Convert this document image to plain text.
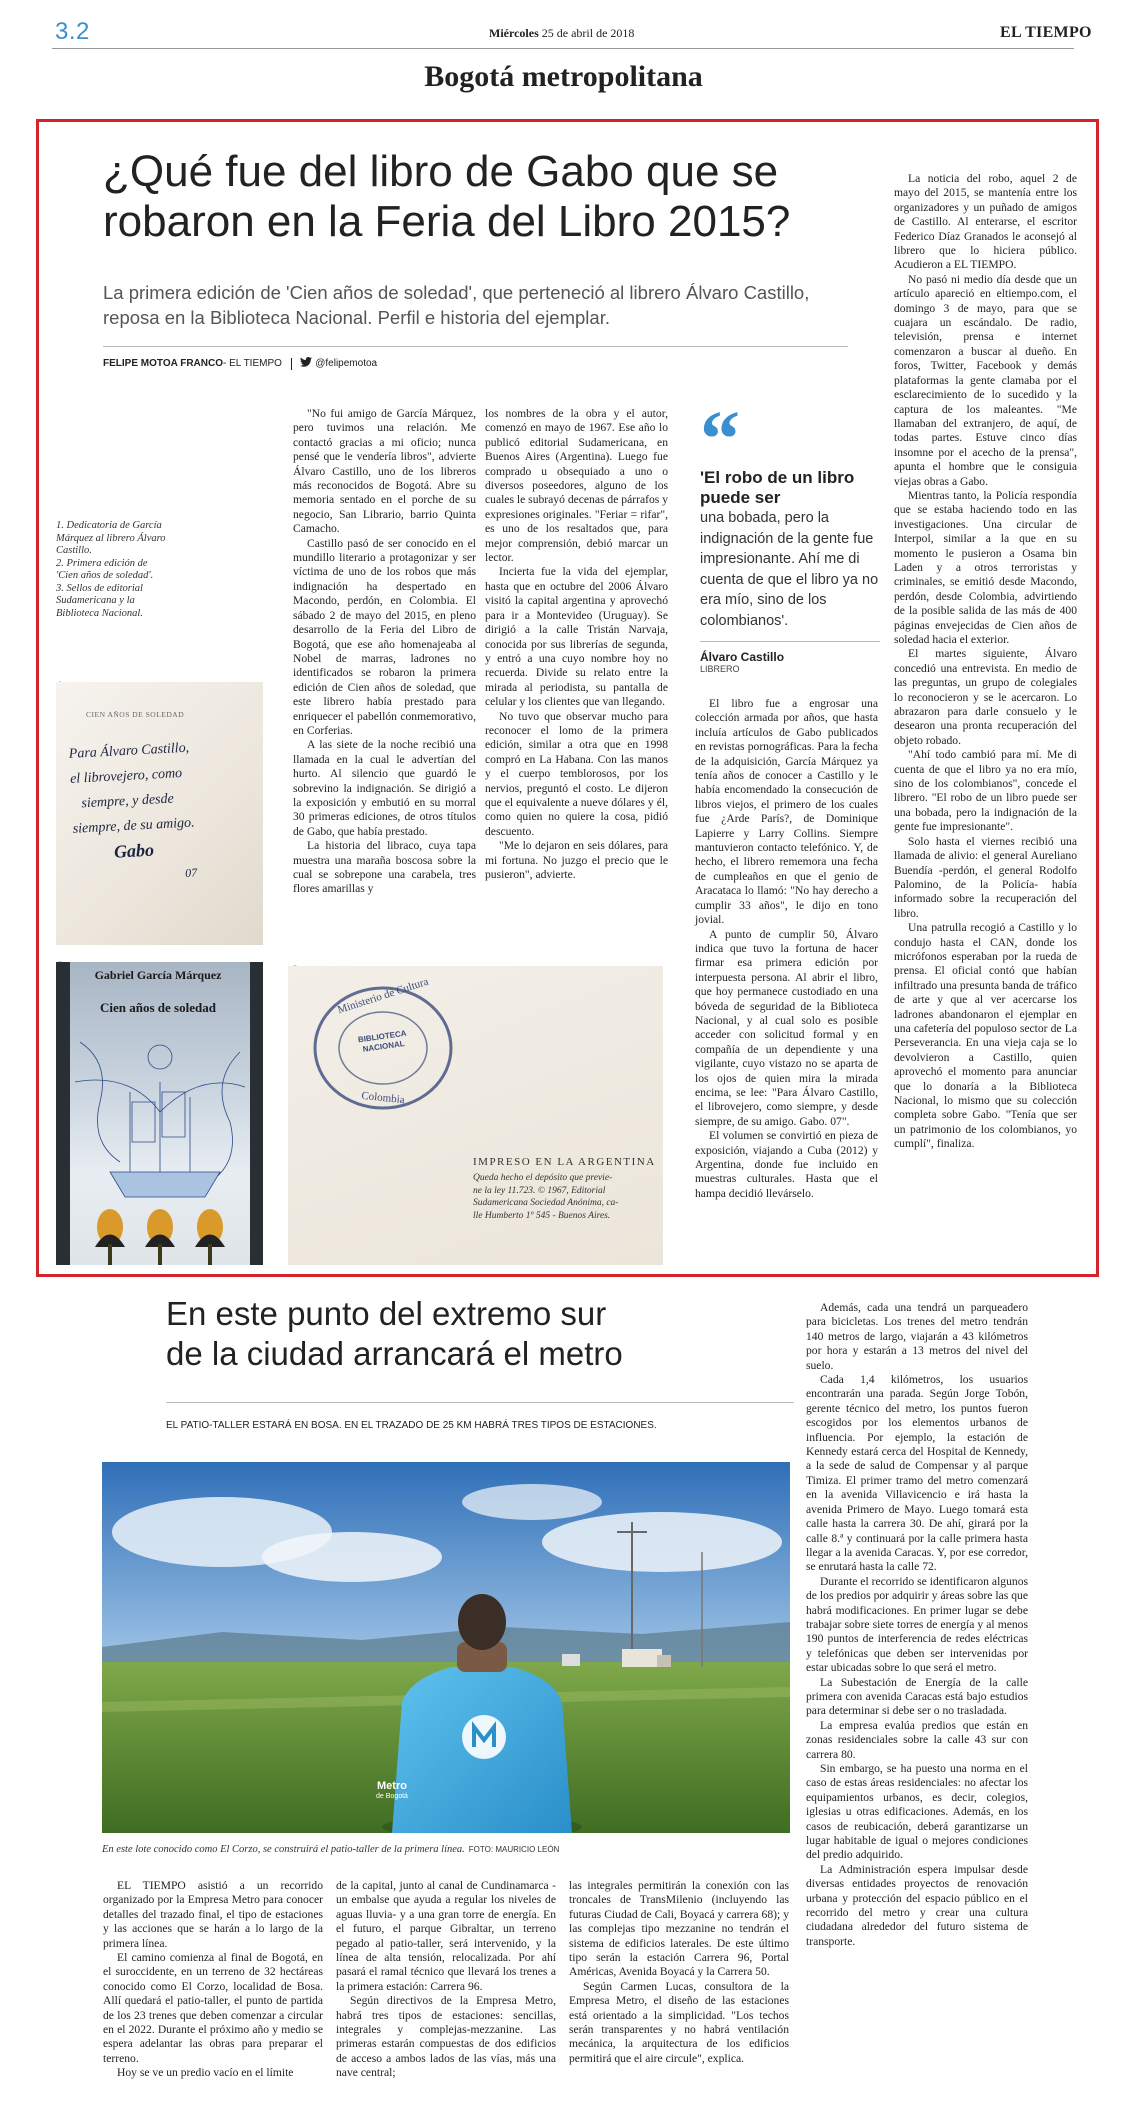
3.2	Miércoles 25 de abril de 2018	EL TIEMPO
Bogotá metropolitana
¿Qué fue del libro de Gabo que se robaron en la Feria del Libro 2015?
La primera edición de 'Cien años de soledad', que perteneció al librero Álvaro Castillo, reposa en la Biblioteca Nacional. Perfil e historia del ejemplar.
FELIPE MOTOA FRANCO- EL TIEMPO	@felipemotoa
1. Dedicatoria de García Márquez al librero Álvaro Castillo.
2. Primera edición de 'Cien años de soledad'.
3. Sellos de editorial Sudamericana y la Biblioteca Nacional.
CIEN AÑOS DE SOLEDAD
Para Álvaro Castillo,
el librovejero, como
siempre, y desde
siempre, de su amigo.
Gabo
07
Gabriel García Márquez
Cien años de soledad	Ministerio de Cultura
BIBLIOTECA NACIONAL
Colombia
IMPRESO EN LA ARGENTINA
Queda hecho el depósito que previe-
ne la ley 11.723. © 1967, Editorial
Sudamericana Sociedad Anónima, ca-
lle Humberto 1º 545 - Buenos Aires.

"No fui amigo de García Márquez, pero tuvimos una relación. Me contactó gracias a mi oficio; nunca pensé que le vendería libros", advierte Álvaro Castillo, uno de los libreros más reconocidos de Bogotá. Abre su memoria sentado en el porche de su negocio, San Librario, barrio Quinta Camacho.

Castillo pasó de ser conocido en el mundillo literario a protagonizar y ser víctima de uno de los robos que más indignación ha despertado en Macondo, perdón, en Colombia. El sábado 2 de mayo del 2015, en pleno desarrollo de la Feria del Libro de Bogotá, que ese año homenajeaba al Nobel de marras, ladrones no identificados se robaron la primera edición de Cien años de soledad, que este librero había prestado para enriquecer el pabellón conmemorativo, en Corferias.

A las siete de la noche recibió una llamada en la cual le advertían del hurto. Al silencio que guardó le sobrevino la indignación. Se dirigió a la exposición y embutió en su morral 30 primeras ediciones, de otros títulos de Gabo, que había prestado.

La historia del libraco, cuya tapa muestra una maraña boscosa sobre la cual se sobrepone una carabela, tres flores amarillas y

los nombres de la obra y el autor, comenzó en mayo de 1967. Ese año lo publicó editorial Sudamericana, en Buenos Aires (Argentina). Luego fue comprado u obsequiado a uno o diversos poseedores, alguno de los cuales le subrayó decenas de párrafos y expresiones originales. "Feriar = rifar", es uno de los resaltados que, para mejor comprensión, debió marcar un lector.

Incierta fue la vida del ejemplar, hasta que en octubre del 2006 Álvaro visitó la capital argentina y aprovechó para ir a Montevideo (Uruguay). Se dirigió a la calle Tristán Narvaja, conocida por sus librerías de segunda, y entró a una cuyo nombre hoy no recuerda. Divide su relato entre la mirada al periodista, su pantalla de celular y los clientes que van llegando.

No tuvo que observar mucho para reconocer el lomo de la primera edición, similar a otra que en 1998 compró en La Habana. Con las manos y el cuerpo temblorosos, por los nervios, preguntó el costo. Le dijeron que el equivalente a nueve dólares y él, como quien no quiere la cosa, pidió descuento.

"Me lo dejaron en seis dólares, para mi fortuna. No juzgo el precio que le pusieron", advierte.

“
'El robo de un libro puede ser
una bobada, pero la indignación de la gente fue impresionante. Ahí me di cuenta de que el libro ya no era mío, sino de los colombianos'.
Álvaro Castillo
LIBRERO

El libro fue a engrosar una colección armada por años, que hasta incluía artículos de Gabo publicados en revistas pornográficas. Para la fecha de la adquisición, García Márquez ya tenía años de conocer a Castillo y le había encomendado la consecución de libros viejos, el primero de los cuales fue ¿Arde París?, de Dominique Lapierre y Larry Collins. Siempre mantuvieron contacto telefónico. Y, de hecho, el librero rememora una fecha de cumpleaños en que el genio de Aracataca lo llamó: "No hay derecho a cumplir 33 años", le dijo en tono jovial.

A punto de cumplir 50, Álvaro indica que tuvo la fortuna de hacer firmar esa primera edición por interpuesta persona. Al abrir el libro, que hoy permanece custodiado en una bóveda de seguridad de la Biblioteca Nacional, y al cual solo es posible acceder con solicitud formal y en compañía de un dependiente y una vigilante, cuyo vistazo no se aparta de los ojos de quien mira la mirada encima, se lee: "Para Álvaro Castillo, el librovejero, como siempre, y desde siempre, de su amigo. Gabo. 07".

El volumen se convirtió en pieza de exposición, viajando a Cuba (2012) y Argentina, donde fue incluido en muestras culturales. Hasta que el hampa decidió llevárselo.

La noticia del robo, aquel 2 de mayo del 2015, se mantenía entre los organizadores y un puñado de amigos de Castillo. Al enterarse, el escritor Federico Díaz Granados le aconsejó al librero que lo hiciera público. Acudieron a EL TIEMPO.

No pasó ni medio día desde que un artículo apareció en eltiempo.com, el domingo 3 de mayo, para que se cuajara un escándalo. De radio, televisión, prensa e internet comenzaron a buscar al dueño. En foros, Twitter, Facebook y demás plataformas la gente clamaba por el esclarecimiento de lo sucedido y la captura de los maleantes. "Me llamaban del extranjero, de aquí, de todas partes. Estuve cinco días insomne por el acecho de la prensa", apunta el hombre que le consiguia viejas obras a Gabo.

Mientras tanto, la Policía respondía que se estaba haciendo todo en las investigaciones. Una circular de Interpol, similar a la que en su momento le pusieron a Osama bin Laden y a otros terroristas y criminales, se emitió desde Macondo, perdón, desde Colombia, advirtiendo de la posible salida de las más de 400 páginas envejecidas de Cien años de soledad hacia el exterior.

El martes siguiente, Álvaro concedió una entrevista. En medio de las preguntas, un grupo de colegiales lo reconocieron y se le acercaron. Lo abrazaron para darle consuelo y le desearon una pronta recuperación del objeto robado.

"Ahí todo cambió para mí. Me di cuenta de que el libro ya no era mío, sino de los colombianos", concede el librero. "El robo de un libro puede ser una bobada, pero la indignación de la gente fue impresionante".

Solo hasta el viernes recibió una llamada de alivio: el general Aureliano Buendía -perdón, el general Rodolfo Palomino, de la Policía- había informado sobre la recuperación del libro.

Una patrulla recogió a Castillo y lo condujo hasta el CAN, donde los micrófonos esperaban por la rueda de prensa. El oficial contó que habían infiltrado una presunta banda de tráfico de arte y que al ver acercarse los ladrones abandonaron el ejemplar en una cafetería del populoso sector de La Perseverancia. En una vieja caja se lo devolvieron a Castillo, quien aprovechó el momento para anunciar que lo donaría a la Biblioteca Nacional, lo mismo que su colección completa sobre Gabo. "Tenía que ser un patrimonio de los colombianos, yo cumplí", finaliza.

En este punto del extremo sur
de la ciudad arrancará el metro
EL PATIO-TALLER ESTARÁ EN BOSA. EN EL TRAZADO DE 25 KM HABRÁ TRES TIPOS DE ESTACIONES.
Metro
de Bogotá
En este lote conocido como El Corzo, se construirá el patio-taller de la primera línea. FOTO: MAURICIO LEÓN

EL TIEMPO asistió a un recorrido organizado por la Empresa Metro para conocer detalles del trazado final, el tipo de estaciones y las acciones que se harán a lo largo de la primera línea.

El camino comienza al final de Bogotá, en el suroccidente, en un terreno de 32 hectáreas conocido como El Corzo, localidad de Bosa. Allí quedará el patio-taller, el punto de partida de los 23 trenes que deben comenzar a circular en el 2022. Durante el próximo año y medio se espera adelantar las obras para preparar el terreno.

Hoy se ve un predio vacío en el límite

de la capital, junto al canal de Cundinamarca -un embalse que ayuda a regular los niveles de aguas lluvia- y a una gran torre de energía. En el futuro, el parque Gibraltar, un terreno pegado al patio-taller, será intervenido, y la línea de alta tensión, relocalizada. Por ahí pasará el ramal técnico que llevará los trenes a la primera estación: Carrera 96.

Según directivos de la Empresa Metro, habrá tres tipos de estaciones: sencillas, integrales y complejas-mezzanine. Las primeras estarán compuestas de dos edificios de acceso a ambos lados de las vías, más una nave central;

las integrales permitirán la conexión con las troncales de TransMilenio (incluyendo las futuras Ciudad de Cali, Boyacá y carrera 68); y las complejas tipo mezzanine no tendrán el sistema de edificios laterales. De este último tipo serán la estación Carrera 96, Portal Américas, Avenida Boyacá y la Carrera 50.

Según Carmen Lucas, consultora de la Empresa Metro, el diseño de las estaciones está orientado a la simplicidad. "Los techos serán transparentes y no habrá ventilación mecánica, la arquitectura de los edificios permitirá que el aire circule", explica.

Además, cada una tendrá un parqueadero para bicicletas. Los trenes del metro tendrán 140 metros de largo, viajarán a 43 kilómetros por hora y estarán a 13 metros del nivel del suelo.

Cada 1,4 kilómetros, los usuarios encontrarán una parada. Según Jorge Tobón, gerente técnico del metro, los puntos fueron escogidos por los elementos urbanos de influencia. Por ejemplo, la estación de Kennedy estará cerca del Hospital de Kennedy, a la sede de salud de Compensar y al parque Timiza. El primer tramo del metro comenzará en la avenida Villavicencio e irá hasta la avenida Primero de Mayo. Luego tomará esta calle hasta la carrera 30. De ahí, girará por la calle 8.ª y continuará por la calle primera hasta llegar a la avenida Caracas. Y, por ese corredor, se enrutará hasta la calle 72.

Durante el recorrido se identificaron algunos de los predios por adquirir y áreas sobre las que habrá modificaciones. En primer lugar se debe trabajar sobre siete torres de energía y al menos 190 puntos de interferencia de redes eléctricas y telefónicas que deben ser intervenidas por estar ubicadas sobre lo que será el metro.

La Subestación de Energía de la calle primera con avenida Caracas está bajo estudios para determinar si debe ser o no trasladada.

La empresa evalúa predios que están en zonas residenciales sobre la calle 43 sur con carrera 80.

Sin embargo, se ha puesto una norma en el caso de estas áreas residenciales: no afectar los equipamientos urbanos, es decir, colegios, iglesias u otras edificaciones. Además, en los casos de reubicación, deberá garantizarse un lugar habitable de igual o mejores condiciones del predio adquirido.

La Administración espera impulsar desde diversas entidades proyectos de renovación urbana y protección del espacio público en el recorrido del metro y crear una cultura ciudadana alrededor del futuro sistema de transporte.
